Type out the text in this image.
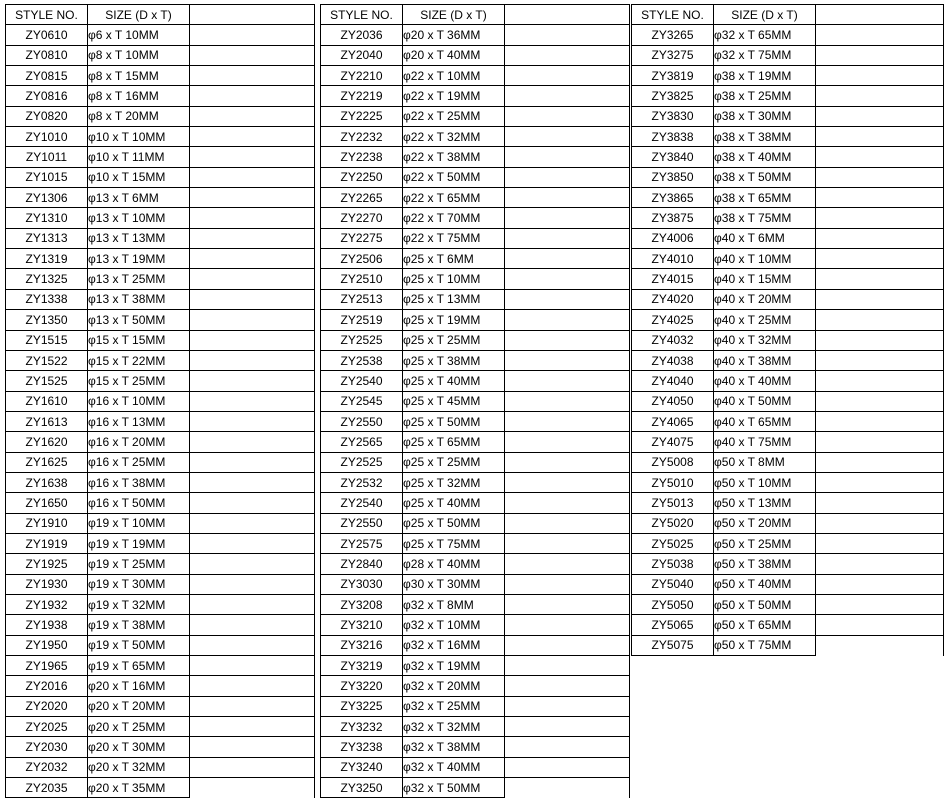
STYLE NO.	SIZE (D x T)	
ZY0610	φ6 x T 10MM	
ZY0810	φ8 x T 10MM	
ZY0815	φ8 x T 15MM	
ZY0816	φ8 x T 16MM	
ZY0820	φ8 x T 20MM	
ZY1010	φ10 x T 10MM	
ZY1011	φ10 x T 11MM	
ZY1015	φ10 x T 15MM	
ZY1306	φ13 x T 6MM	
ZY1310	φ13 x T 10MM	
ZY1313	φ13 x T 13MM	
ZY1319	φ13 x T 19MM	
ZY1325	φ13 x T 25MM	
ZY1338	φ13 x T 38MM	
ZY1350	φ13 x T 50MM	
ZY1515	φ15 x T 15MM	
ZY1522	φ15 x T 22MM	
ZY1525	φ15 x T 25MM	
ZY1610	φ16 x T 10MM	
ZY1613	φ16 x T 13MM	
ZY1620	φ16 x T 20MM	
ZY1625	φ16 x T 25MM	
ZY1638	φ16 x T 38MM	
ZY1650	φ16 x T 50MM	
ZY1910	φ19 x T 10MM	
ZY1919	φ19 x T 19MM	
ZY1925	φ19 x T 25MM	
ZY1930	φ19 x T 30MM	
ZY1932	φ19 x T 32MM	
ZY1938	φ19 x T 38MM	
ZY1950	φ19 x T 50MM	
ZY1965	φ19 x T 65MM	
ZY2016	φ20 x T 16MM	
ZY2020	φ20 x T 20MM	
ZY2025	φ20 x T 25MM	
ZY2030	φ20 x T 30MM	
ZY2032	φ20 x T 32MM	
ZY2035	φ20 x T 35MM	
STYLE NO.	SIZE (D x T)	
ZY2036	φ20 x T 36MM	
ZY2040	φ20 x T 40MM	
ZY2210	φ22 x T 10MM	
ZY2219	φ22 x T 19MM	
ZY2225	φ22 x T 25MM	
ZY2232	φ22 x T 32MM	
ZY2238	φ22 x T 38MM	
ZY2250	φ22 x T 50MM	
ZY2265	φ22 x T 65MM	
ZY2270	φ22 x T 70MM	
ZY2275	φ22 x T 75MM	
ZY2506	φ25 x T 6MM	
ZY2510	φ25 x T 10MM	
ZY2513	φ25 x T 13MM	
ZY2519	φ25 x T 19MM	
ZY2525	φ25 x T 25MM	
ZY2538	φ25 x T 38MM	
ZY2540	φ25 x T 40MM	
ZY2545	φ25 x T 45MM	
ZY2550	φ25 x T 50MM	
ZY2565	φ25 x T 65MM	
ZY2525	φ25 x T 25MM	
ZY2532	φ25 x T 32MM	
ZY2540	φ25 x T 40MM	
ZY2550	φ25 x T 50MM	
ZY2575	φ25 x T 75MM	
ZY2840	φ28 x T 40MM	
ZY3030	φ30 x T 30MM	
ZY3208	φ32 x T 8MM	
ZY3210	φ32 x T 10MM	
ZY3216	φ32 x T 16MM	
ZY3219	φ32 x T 19MM	
ZY3220	φ32 x T 20MM	
ZY3225	φ32 x T 25MM	
ZY3232	φ32 x T 32MM	
ZY3238	φ32 x T 38MM	
ZY3240	φ32 x T 40MM	
ZY3250	φ32 x T 50MM	
STYLE NO.	SIZE (D x T)	
ZY3265	φ32 x T 65MM	
ZY3275	φ32 x T 75MM	
ZY3819	φ38 x T 19MM	
ZY3825	φ38 x T 25MM	
ZY3830	φ38 x T 30MM	
ZY3838	φ38 x T 38MM	
ZY3840	φ38 x T 40MM	
ZY3850	φ38 x T 50MM	
ZY3865	φ38 x T 65MM	
ZY3875	φ38 x T 75MM	
ZY4006	φ40 x T 6MM	
ZY4010	φ40 x T 10MM	
ZY4015	φ40 x T 15MM	
ZY4020	φ40 x T 20MM	
ZY4025	φ40 x T 25MM	
ZY4032	φ40 x T 32MM	
ZY4038	φ40 x T 38MM	
ZY4040	φ40 x T 40MM	
ZY4050	φ40 x T 50MM	
ZY4065	φ40 x T 65MM	
ZY4075	φ40 x T 75MM	
ZY5008	φ50 x T 8MM	
ZY5010	φ50 x T 10MM	
ZY5013	φ50 x T 13MM	
ZY5020	φ50 x T 20MM	
ZY5025	φ50 x T 25MM	
ZY5038	φ50 x T 38MM	
ZY5040	φ50 x T 40MM	
ZY5050	φ50 x T 50MM	
ZY5065	φ50 x T 65MM	
ZY5075	φ50 x T 75MM	
